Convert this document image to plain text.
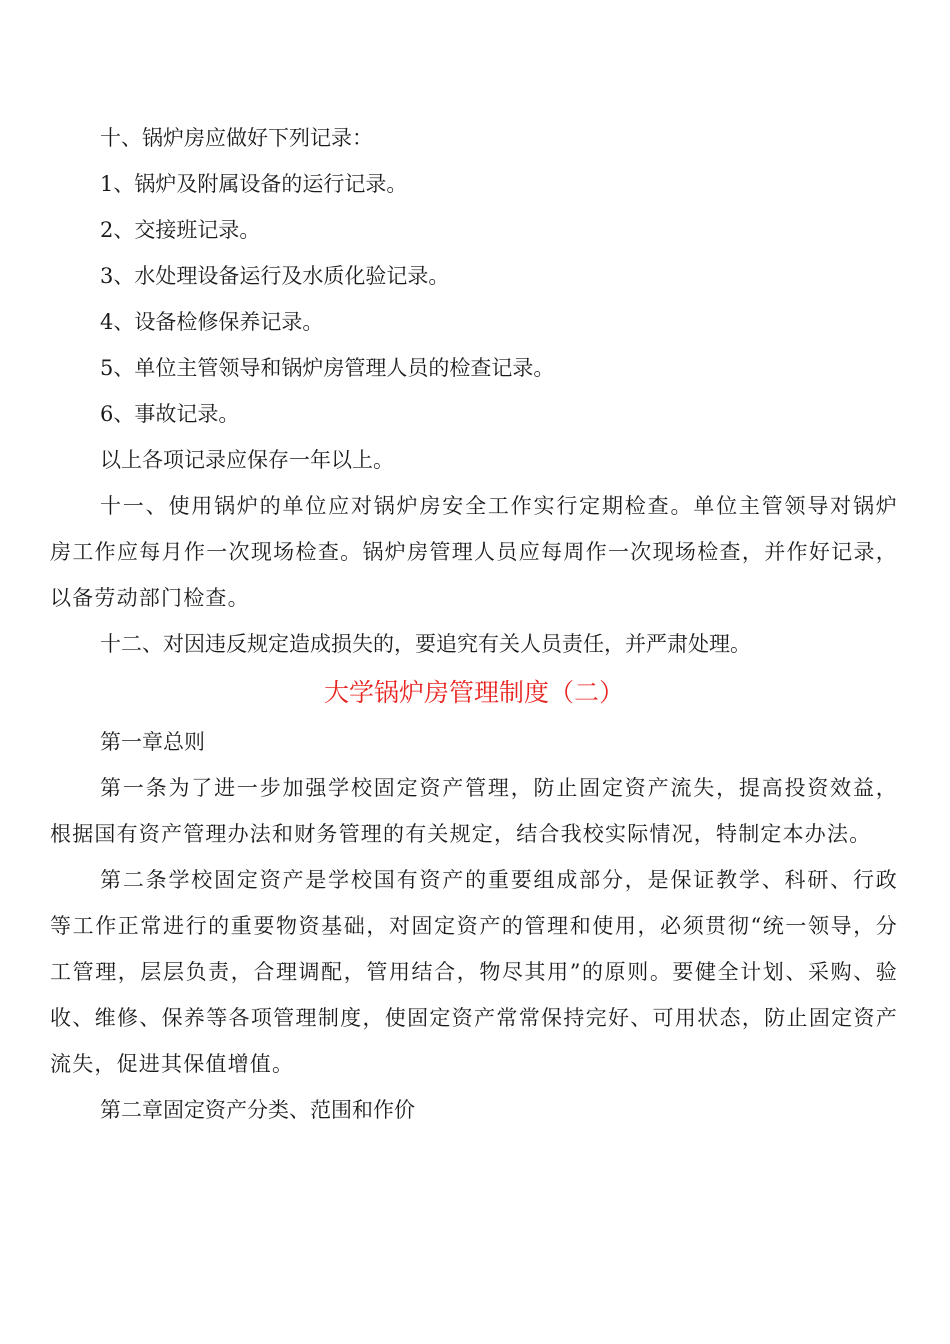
十、锅炉房应做好下列记录：
1、锅炉及附属设备的运行记录。
2、交接班记录。
3、水处理设备运行及水质化验记录。
4、设备检修保养记录。
5、单位主管领导和锅炉房管理人员的检查记录。
6、事故记录。
以上各项记录应保存一年以上。
十一、使用锅炉的单位应对锅炉房安全工作实行定期检查。单位主管领导对锅炉房工作应每月作一次现场检查。锅炉房管理人员应每周作一次现场检查，并作好记录，以备劳动部门检查。
十二、对因违反规定造成损失的，要追究有关人员责任，并严肃处理。
大学锅炉房管理制度（二）
第一章总则
第一条为了进一步加强学校固定资产管理，防止固定资产流失，提高投资效益，根据国有资产管理办法和财务管理的有关规定，结合我校实际情况，特制定本办法。
第二条学校固定资产是学校国有资产的重要组成部分，是保证教学、科研、行政等工作正常进行的重要物资基础，对固定资产的管理和使用，必须贯彻“统一领导，分工管理，层层负责，合理调配，管用结合，物尽其用”的原则。要健全计划、采购、验收、维修、保养等各项管理制度，使固定资产常常保持完好、可用状态，防止固定资产流失，促进其保值增值。
第二章固定资产分类、范围和作价
